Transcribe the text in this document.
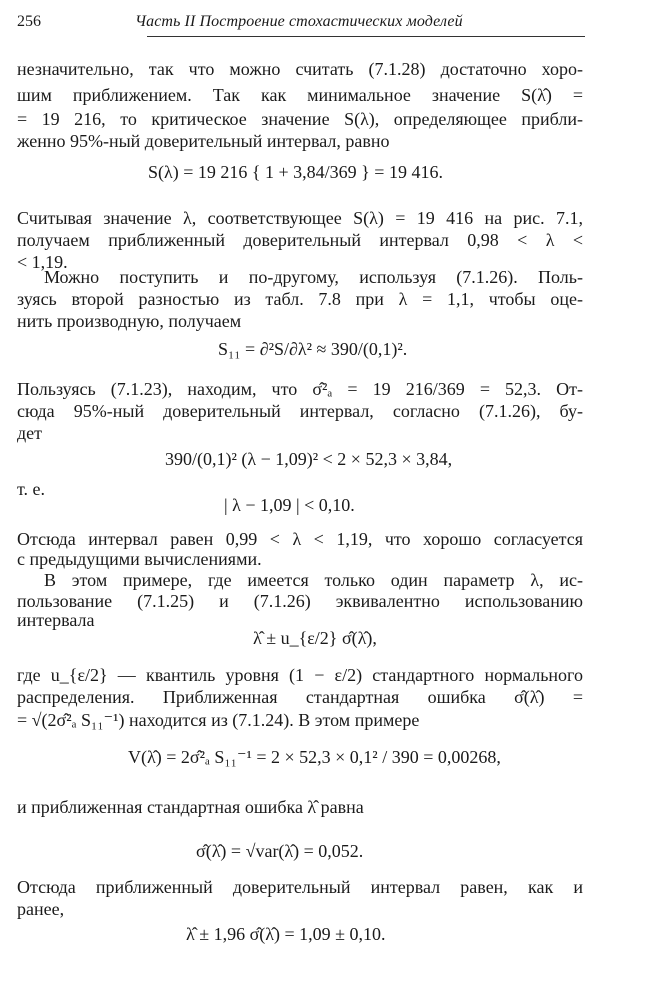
256	Часть II Построение стохастических моделей
незначительно, так что можно считать (7.1.28) достаточно хоро-
шим приближением. Так как минимальное значение S(λ̂) =
= 19 216, то критическое значение S(λ), определяющее прибли-
женно 95%-ный доверительный интервал, равно
S(λ) = 19 216 { 1 + 3,84/369 } = 19 416.
Считывая значение λ, соответствующее S(λ) = 19 416 на рис. 7.1,
получаем приближенный доверительный интервал 0,98 < λ <
< 1,19.
Можно поступить и по-другому, используя (7.1.26). Поль-
зуясь второй разностью из табл. 7.8 при λ = 1,1, чтобы оце-
нить производную, получаем
S₁₁ = ∂²S/∂λ² ≈ 390/(0,1)².
Пользуясь (7.1.23), находим, что σ̂²ₐ = 19 216/369 = 52,3. От-
сюда 95%-ный доверительный интервал, согласно (7.1.26), бу-
дет
390/(0,1)² (λ − 1,09)² < 2 × 52,3 × 3,84,
т. е.
| λ − 1,09 | < 0,10.
Отсюда интервал равен 0,99 < λ < 1,19, что хорошо согласуется
с предыдущими вычислениями.
В этом примере, где имеется только один параметр λ, ис-
пользование (7.1.25) и (7.1.26) эквивалентно использованию
интервала
λ̂ ± u_{ε/2} σ̂(λ̂),
где u_{ε/2} — квантиль уровня (1 − ε/2) стандартного нормального
распределения. Приближенная стандартная ошибка σ̂(λ̂) =
= √(2σ̂²ₐ S₁₁⁻¹) находится из (7.1.24). В этом примере
V(λ̂) = 2σ̂²ₐ S₁₁⁻¹ = 2 × 52,3 × 0,1² / 390 = 0,00268,
и приближенная стандартная ошибка λ̂ равна
σ̂(λ̂) = √var(λ̂) = 0,052.
Отсюда приближенный доверительный интервал равен, как и
ранее,
λ̂ ± 1,96 σ̂(λ̂) = 1,09 ± 0,10.
